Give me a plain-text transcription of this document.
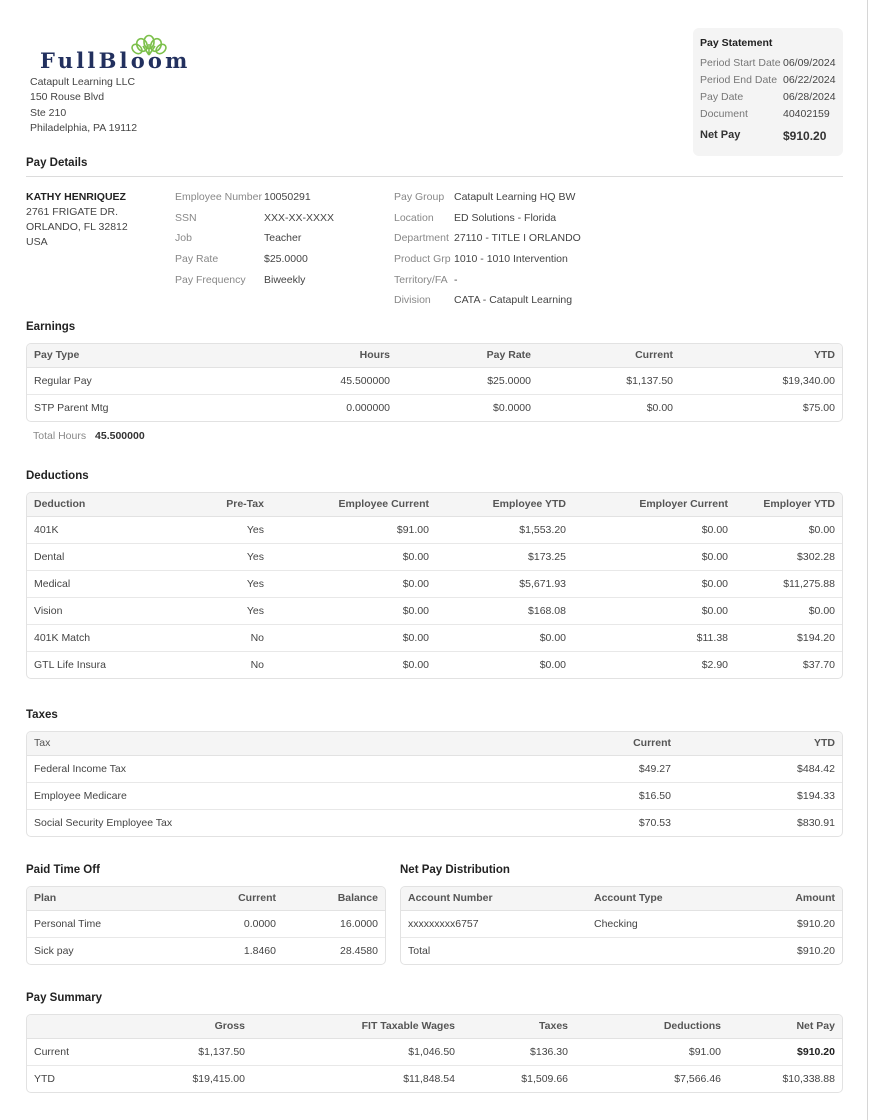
FullBloom
Catapult Learning LLC
150 Rouse Blvd
Ste 210
Philadelphia, PA 19112
Pay Statement
Period Start Date 06/09/2024
Period End Date 06/22/2024
Pay Date	06/28/2024
Document	40402159
Net Pay	$910.20
Pay Details
KATHY HENRIQUEZ
2761 FRIGATE DR.
ORLANDO, FL 32812
USA
Employee Number 10050291
SSN	XXX-XX-XXXX
Job	Teacher
Pay Rate	$25.0000
Pay Frequency	Biweekly
Pay Group Catapult Learning HQ BW
Location	ED Solutions - Florida
Department 27110 - TITLE I ORLANDO
Product Grp 1010 - 1010 Intervention
Territory/FA -
Division	CATA - Catapult Learning
Earnings
Pay Type	Hours	Pay Rate	Current	YTD
Regular Pay	45.500000	$25.0000	$1,137.50	$19,340.00
STP Parent Mtg	0.000000	$0.0000	$0.00	$75.00
Total Hours 45.500000
Deductions
Deduction	Pre-Tax	Employee Current	Employee YTD	Employer Current	Employer YTD
401K	Yes	$91.00	$1,553.20	$0.00	$0.00
Dental	Yes	$0.00	$173.25	$0.00	$302.28
Medical	Yes	$0.00	$5,671.93	$0.00	$11,275.88
Vision	Yes	$0.00	$168.08	$0.00	$0.00
401K Match	No	$0.00	$0.00	$11.38	$194.20
GTL Life Insura	No	$0.00	$0.00	$2.90	$37.70
Taxes
Tax	Current	YTD
Federal Income Tax	$49.27	$484.42
Employee Medicare	$16.50	$194.33
Social Security Employee Tax	$70.53	$830.91
Paid Time Off
Plan	Current	Balance
Personal Time	0.0000	16.0000
Sick pay	1.8460	28.4580
Net Pay Distribution
Account Number	Account Type	Amount
xxxxxxxxx6757	Checking	$910.20
Total		$910.20
Pay Summary
	Gross	FIT Taxable Wages	Taxes	Deductions	Net Pay
Current	$1,137.50	$1,046.50	$136.30	$91.00	$910.20
YTD	$19,415.00	$11,848.54	$1,509.66	$7,566.46	$10,338.88
